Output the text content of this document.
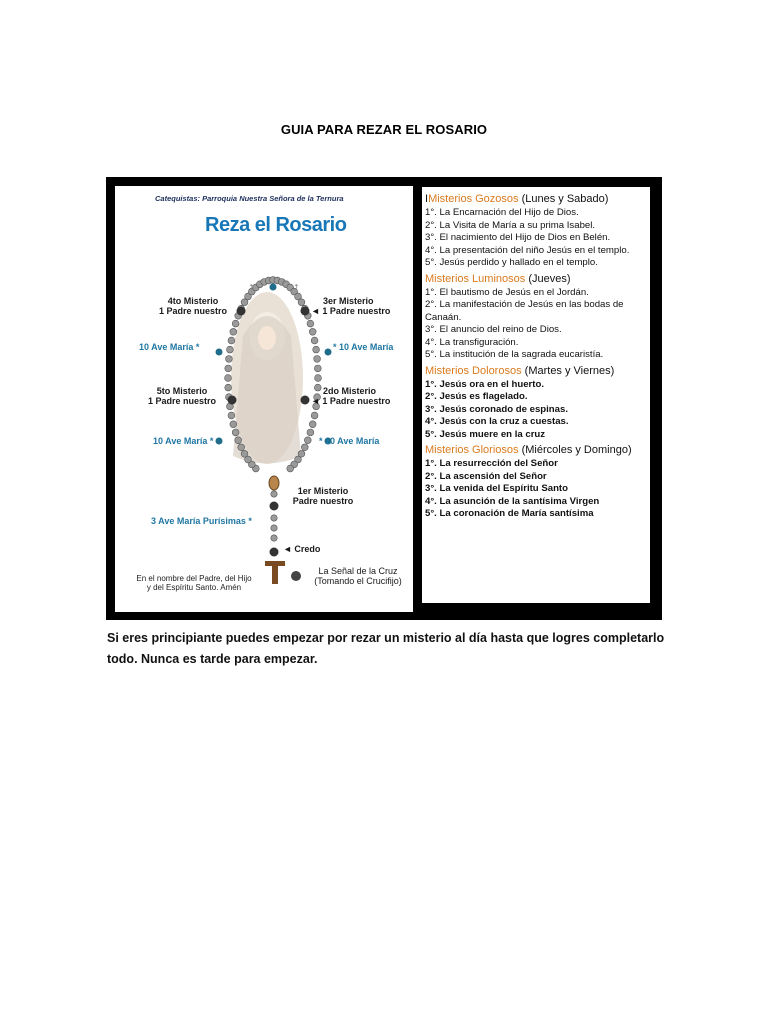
GUIA PARA REZAR EL ROSARIO
↑
↑
Catequistas: Parroquia Nuestra Señora de la Ternura
Reza el Rosario
4to Misterio
1 Padre nuestro
3er Misterio
◄ 1 Padre nuestro
10 Ave María *	* 10 Ave María
5to Misterio
1 Padre nuestro
2do Misterio
◄ 1 Padre nuestro
10 Ave María *	* 10 Ave María
1er Misterio
Padre nuestro
3 Ave María Purísimas *
◄ Credo
La Señal de la Cruz
(Tomando el Crucifijo)
En el nombre del Padre, del Hijo
y del Espíritu Santo. Amén
IMisterios Gozosos (Lunes y Sabado)
1°. La Encarnación del Hijo de Dios.
2°. La Visita de María a su prima Isabel.
3°. El nacimiento del Hijo de Dios en Belén.
4°. La presentación del niño Jesús en el templo.
5°. Jesús perdido y hallado en el templo.
Misterios Luminosos (Jueves)
1°. El bautismo de Jesús en el Jordán.
2°. La manifestación de Jesús en las bodas de Canaán.
3°. El anuncio del reino de Dios.
4°. La transfiguración.
5°. La institución de la sagrada eucaristía.
Misterios Dolorosos (Martes y Viernes)
1°. Jesús ora en el huerto.
2°. Jesús es flagelado.
3°. Jesús coronado de espinas.
4°. Jesús con la cruz a cuestas.
5°. Jesús muere en la cruz
Misterios Gloriosos (Miércoles y Domingo)
1°. La resurrección del Señor
2°. La ascensión del Señor
3°. La venida del Espíritu Santo
4°. La asunción de la santísima Virgen
5°. La coronación de María santísima
Si eres principiante puedes empezar por rezar un misterio al día hasta que logres completarlo todo. Nunca es tarde para empezar.
